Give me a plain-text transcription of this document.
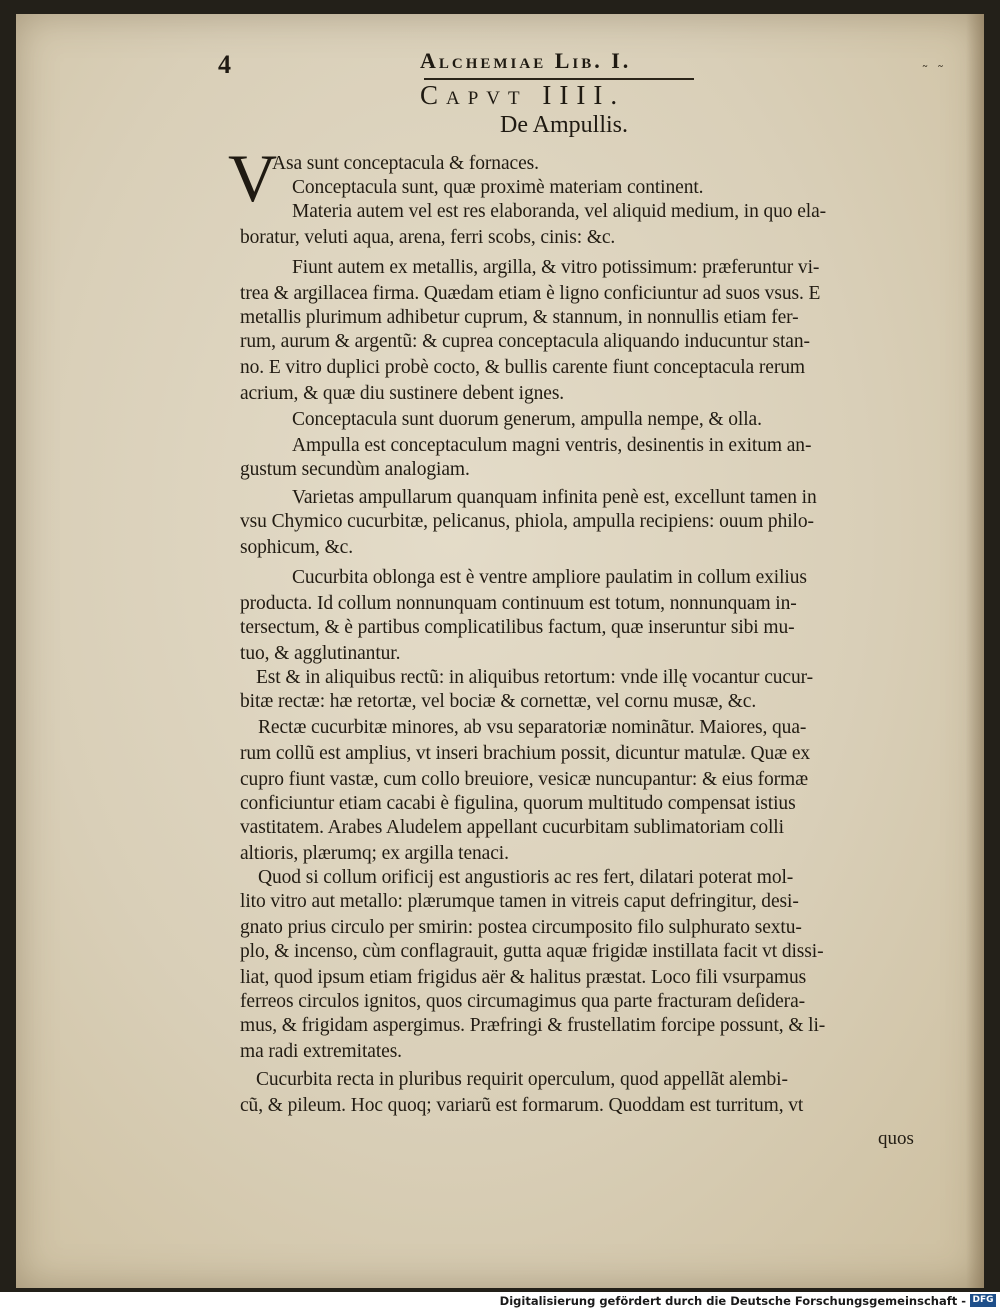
˜ ˜
4	Alchemiae Lib. I.
Capvt IIII.
De Ampullis.
V
Asa sunt conceptacula & fornaces.
Conceptacula sunt, quæ proximè materiam continent.
Materia autem vel est res elaboranda, vel aliquid medium, in quo ela-
boratur, veluti aqua, arena, ferri scobs, cinis: &c.
Fiunt autem ex metallis, argilla, & vitro potissimum: præferuntur vi-
trea & argillacea firma. Quædam etiam è ligno conficiuntur ad suos vsus. E
metallis plurimum adhibetur cuprum, & stannum, in nonnullis etiam fer-
rum, aurum & argentũ: & cuprea conceptacula aliquando inducuntur stan-
no. E vitro duplici probè cocto, & bullis carente fiunt conceptacula rerum
acrium, & quæ diu sustinere debent ignes.
Conceptacula sunt duorum generum, ampulla nempe, & olla.
Ampulla est conceptaculum magni ventris, desinentis in exitum an-
gustum secundùm analogiam.
Varietas ampullarum quanquam infinita penè est, excellunt tamen in
vsu Chymico cucurbitæ, pelicanus, phiola, ampulla recipiens: ouum philo-
sophicum, &c.
Cucurbita oblonga est è ventre ampliore paulatim in collum exilius
producta. Id collum nonnunquam continuum est totum, nonnunquam in-
tersectum, & è partibus complicatilibus factum, quæ inseruntur sibi mu-
tuo, & agglutinantur.
Est & in aliquibus rectũ: in aliquibus retortum: vnde illę vocantur cucur-
bitæ rectæ: hæ retortæ, vel bociæ & cornettæ, vel cornu musæ, &c.
Rectæ cucurbitæ minores, ab vsu separatoriæ nominãtur. Maiores, qua-
rum collũ est amplius, vt inseri brachium possit, dicuntur matulæ. Quæ ex
cupro fiunt vastæ, cum collo breuiore, vesicæ nuncupantur: & eius formæ
conficiuntur etiam cacabi è figulina, quorum multitudo compensat istius
vastitatem. Arabes Aludelem appellant cucurbitam sublimatoriam colli
altioris, plærumq; ex argilla tenaci.
Quod si collum orificij est angustioris ac res fert, dilatari poterat mol-
lito vitro aut metallo: plærumque tamen in vitreis caput defringitur, desi-
gnato prius circulo per smirin: postea circumposito filo sulphurato sextu-
plo, & incenso, cùm conflagrauit, gutta aquæ frigidæ instillata facit vt dissi-
liat, quod ipsum etiam frigidus aër & halitus præstat. Loco fili vsurpamus
ferreos circulos ignitos, quos circumagimus qua parte fracturam deſidera-
mus, & frigidam aspergimus. Præfringi & frustellatim forcipe possunt, & li-
ma radi extremitates.
Cucurbita recta in pluribus requirit operculum, quod appellãt alembi-
cũ, & pileum. Hoc quoq; variarũ est formarum. Quoddam est turritum, vt
quos
Digitalisierung gefördert durch die Deutsche Forschungsgemeinschaft - DFG
